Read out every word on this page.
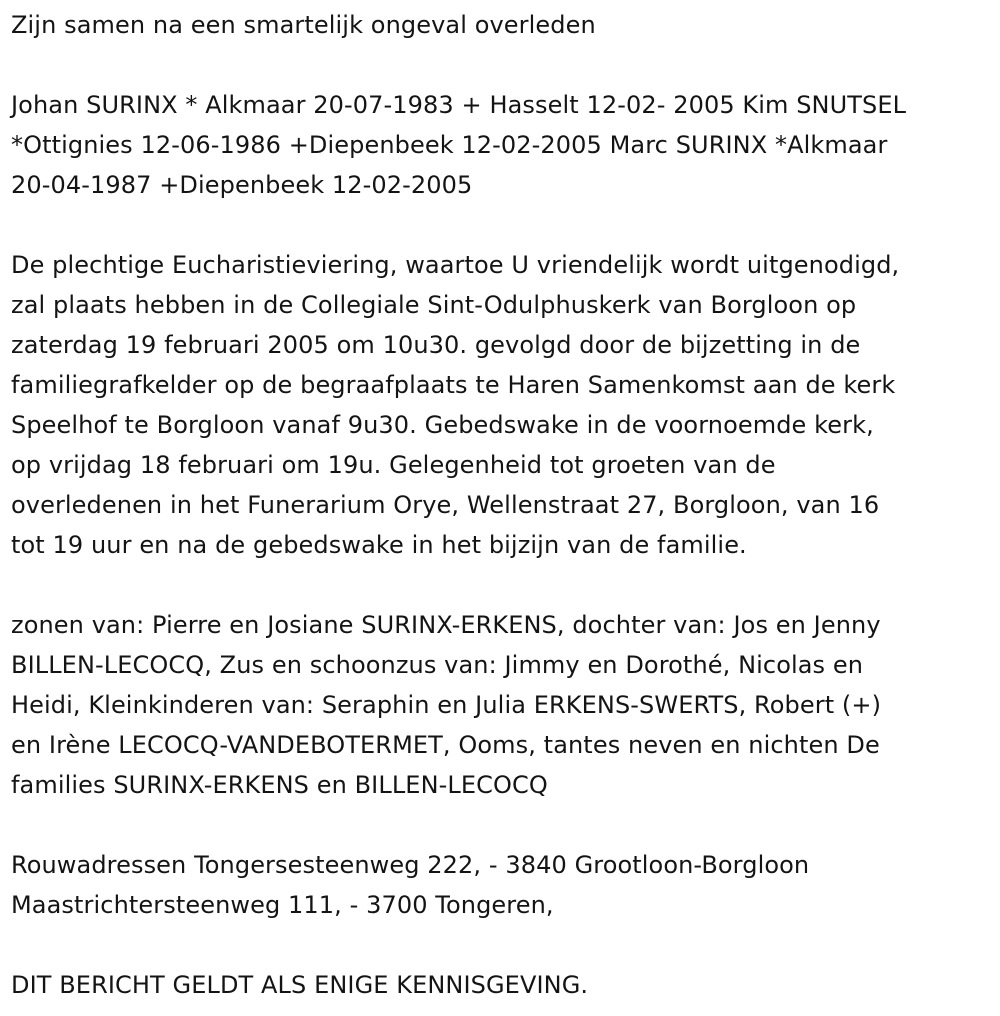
Zijn samen na een smartelijk ongeval overleden

Johan SURINX * Alkmaar 20-07-1983 + Hasselt 12-02- 2005 Kim SNUTSEL
*Ottignies 12-06-1986 +Diepenbeek 12-02-2005 Marc SURINX *Alkmaar
20-04-1987 +Diepenbeek 12-02-2005

De plechtige Eucharistieviering, waartoe U vriendelijk wordt uitgenodigd,
zal plaats hebben in de Collegiale Sint-Odulphuskerk van Borgloon op
zaterdag 19 februari 2005 om 10u30. gevolgd door de bijzetting in de
familiegrafkelder op de begraafplaats te Haren Samenkomst aan de kerk
Speelhof te Borgloon vanaf 9u30. Gebedswake in de voornoemde kerk,
op vrijdag 18 februari om 19u. Gelegenheid tot groeten van de
overledenen in het Funerarium Orye, Wellenstraat 27, Borgloon, van 16
tot 19 uur en na de gebedswake in het bijzijn van de familie.

zonen van: Pierre en Josiane SURINX-ERKENS, dochter van: Jos en Jenny
BILLEN-LECOCQ, Zus en schoonzus van: Jimmy en Dorothé, Nicolas en
Heidi, Kleinkinderen van: Seraphin en Julia ERKENS-SWERTS, Robert (+)
en Irène LECOCQ-VANDEBOTERMET, Ooms, tantes neven en nichten De
families SURINX-ERKENS en BILLEN-LECOCQ

Rouwadressen Tongersesteenweg 222, - 3840 Grootloon-Borgloon
Maastrichtersteenweg 111, - 3700 Tongeren,

DIT BERICHT GELDT ALS ENIGE KENNISGEVING.
